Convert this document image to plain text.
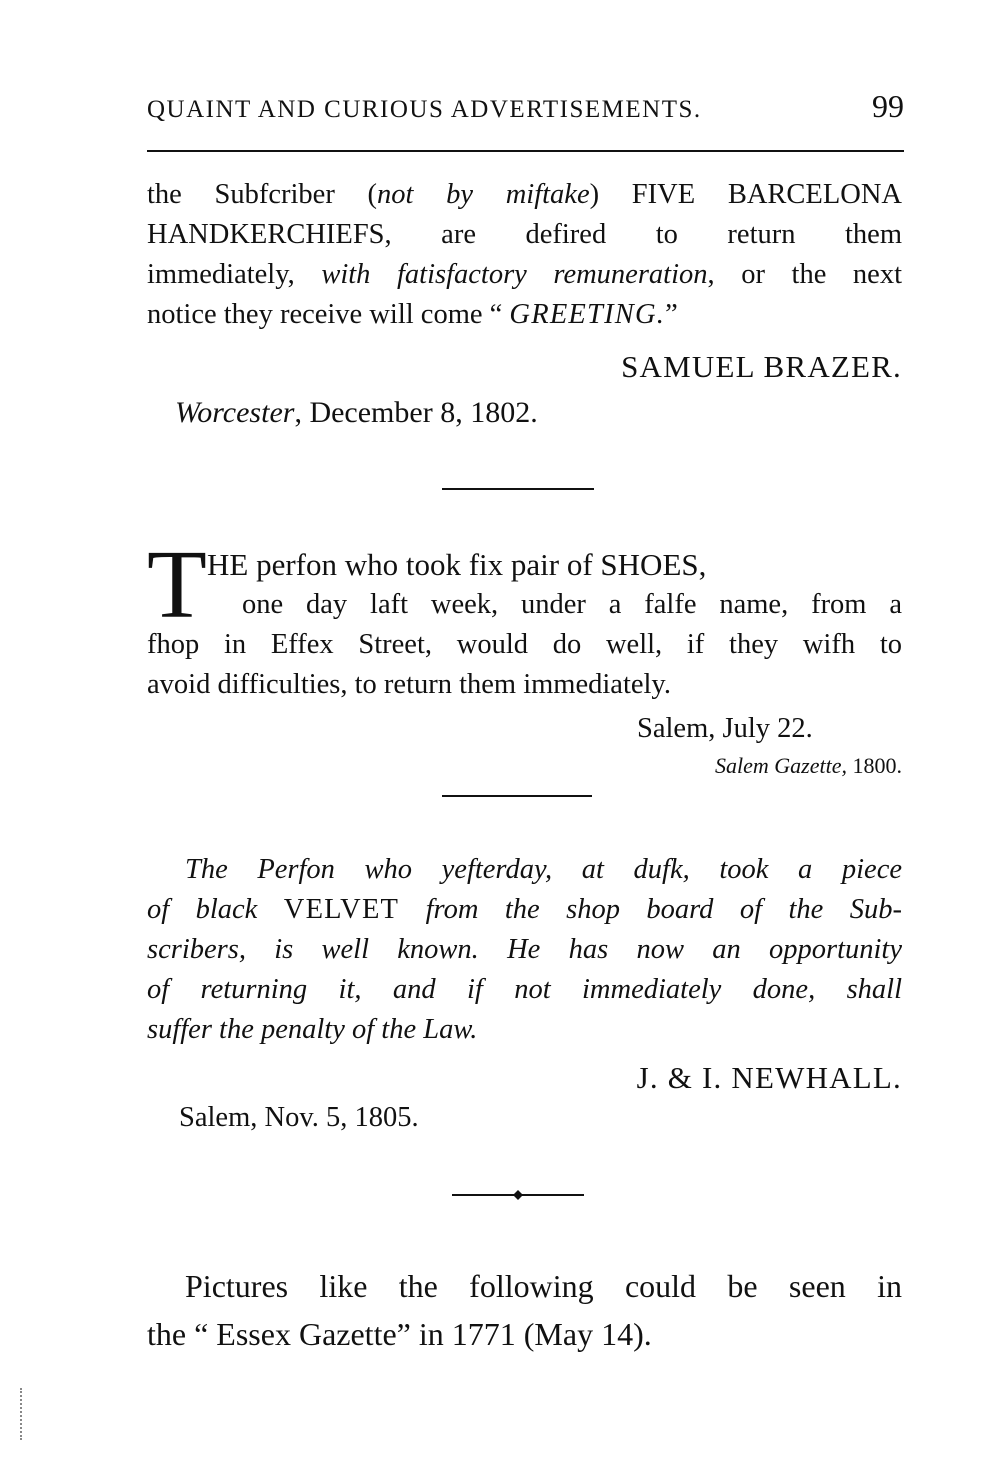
QUAINT AND CURIOUS ADVERTISEMENTS.	99
the Subfcriber (not by miftake) FIVE BARCELONA
HANDKERCHIEFS, are defired to return them
immediately, with fatisfactory remuneration, or the next
notice they receive will come “ GREETING.”
SAMUEL BRAZER.
Worcester, December 8, 1802.
T HE perfon who took fix pair of SHOES,
one day laft week, under a falfe name, from a
fhop in Effex Street, would do well, if they wifh to
avoid difficulties, to return them immediately.
Salem, July 22.
Salem Gazette, 1800.
The Perfon who yefterday, at dufk, took a piece
of black VELVET from the shop board of the Sub-
scribers, is well known. He has now an opportunity
of returning it, and if not immediately done, shall
suffer the penalty of the Law.
J. & I. NEWHALL.
Salem, Nov. 5, 1805.
Pictures like the following could be seen in
the “ Essex Gazette” in 1771 (May 14).
